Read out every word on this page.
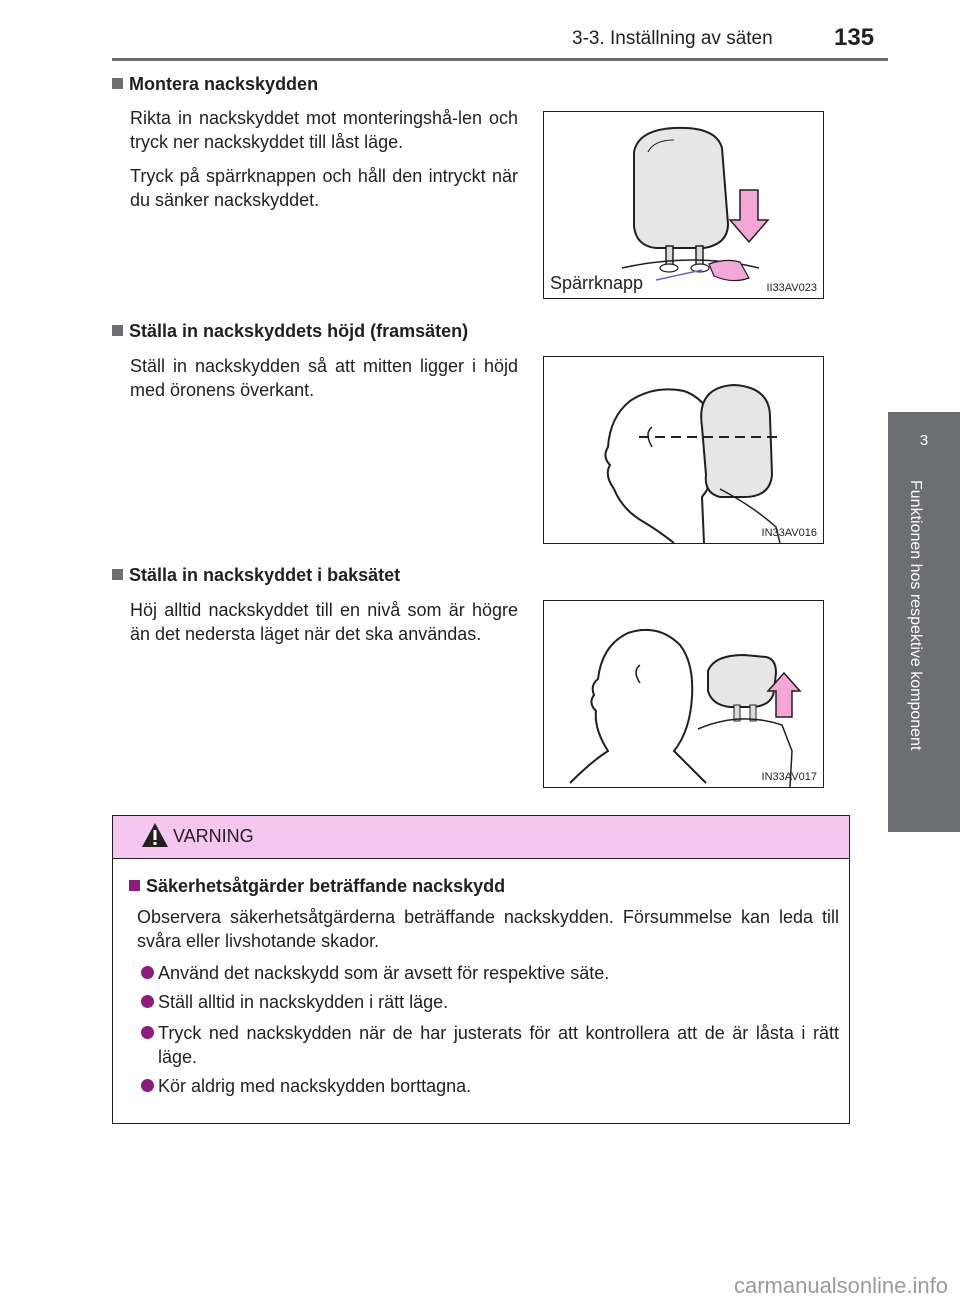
3-3. Inställning av säten	135
3
Funktionen hos respektive komponent
Montera nackskydden

Rikta in nackskyddet mot monteringshå-len och tryck ner nackskyddet till låst läge.

Tryck på spärrknappen och håll den intryckt när du sänker nackskyddet.

Spärrknapp	II33AV023
Ställa in nackskyddets höjd (framsäten)

Ställ in nackskydden så att mitten ligger i höjd med öronens överkant.

IN33AV016
Ställa in nackskyddet i baksätet

Höj alltid nackskyddet till en nivå som är högre än det nedersta läget när det ska användas.

IN33AV017
VARNING
Säkerhetsåtgärder beträffande nackskydd

Observera säkerhetsåtgärderna beträffande nackskydden. Försummelse kan leda till svåra eller livshotande skador.

Använd det nackskydd som är avsett för respektive säte.
Ställ alltid in nackskydden i rätt läge.
Tryck ned nackskydden när de har justerats för att kontrollera att de är låsta i rätt läge.
Kör aldrig med nackskydden borttagna.
carmanualsonline.info
